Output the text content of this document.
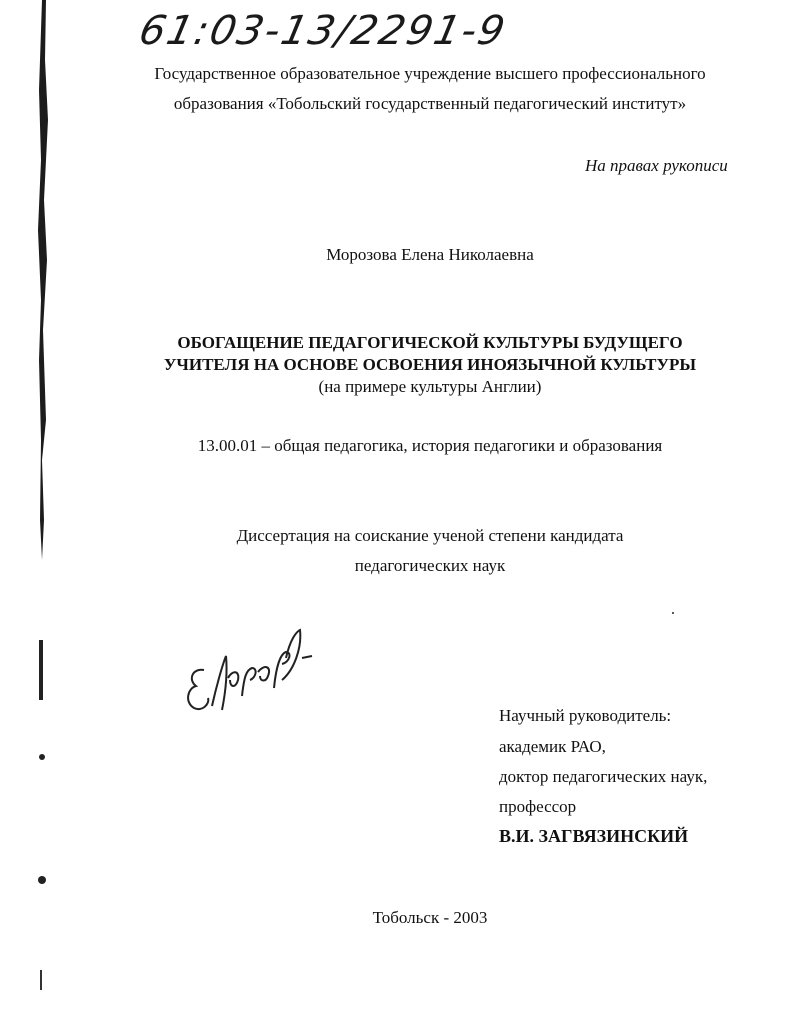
61:03-13/2291-9
Государственное образовательное учреждение высшего профессионального
образования «Тобольский государственный педагогический институт»
На правах рукописи
Морозова Елена Николаевна
ОБОГАЩЕНИЕ ПЕДАГОГИЧЕСКОЙ КУЛЬТУРЫ БУДУЩЕГО
УЧИТЕЛЯ НА ОСНОВЕ ОСВОЕНИЯ ИНОЯЗЫЧНОЙ КУЛЬТУРЫ
(на примере культуры Англии)
13.00.01 – общая педагогика, история педагогики и образования
Диссертация на соискание ученой степени кандидата
педагогических наук
Научный руководитель:
академик РАО,
доктор педагогических наук,
профессор
В.И. ЗАГВЯЗИНСКИЙ
Тобольск - 2003
